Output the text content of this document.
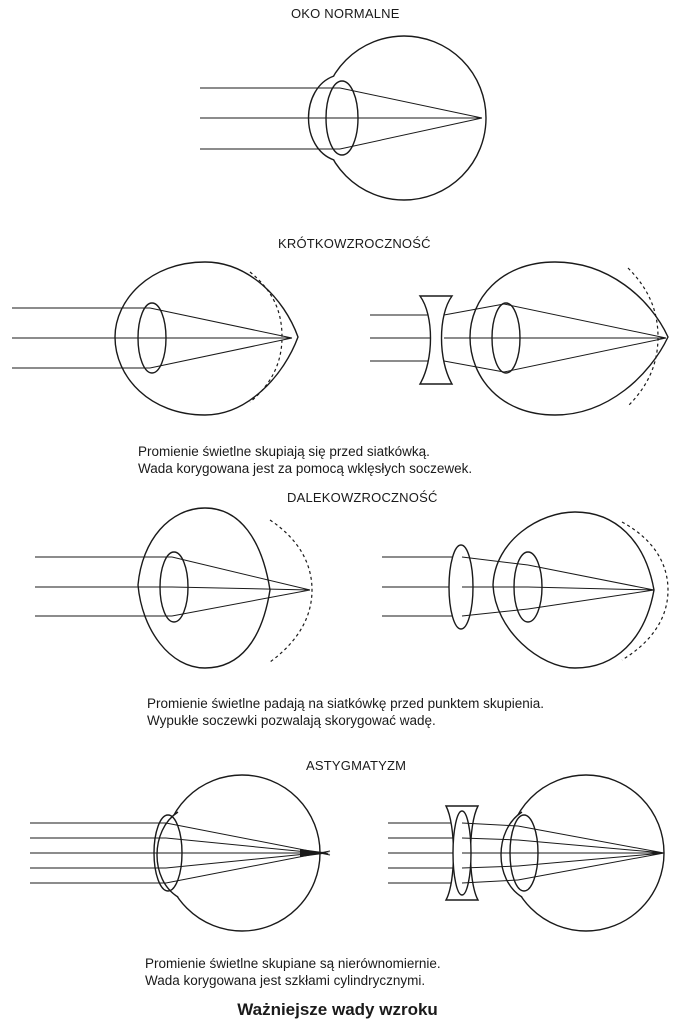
OKO NORMALNE
KRÓTKOWZROCZNOŚĆ
DALEKOWZROCZNOŚĆ
ASTYGMATYZM
Promienie świetlne skupiają się przed siatkówką.
Wada korygowana jest za pomocą wklęsłych soczewek.
Promienie świetlne padają na siatkówkę przed punktem skupienia.
Wypukłe soczewki pozwalają skorygować wadę.
Promienie świetlne skupiane są nierównomiernie.
Wada korygowana jest szkłami cylindrycznymi.
Ważniejsze wady wzroku
